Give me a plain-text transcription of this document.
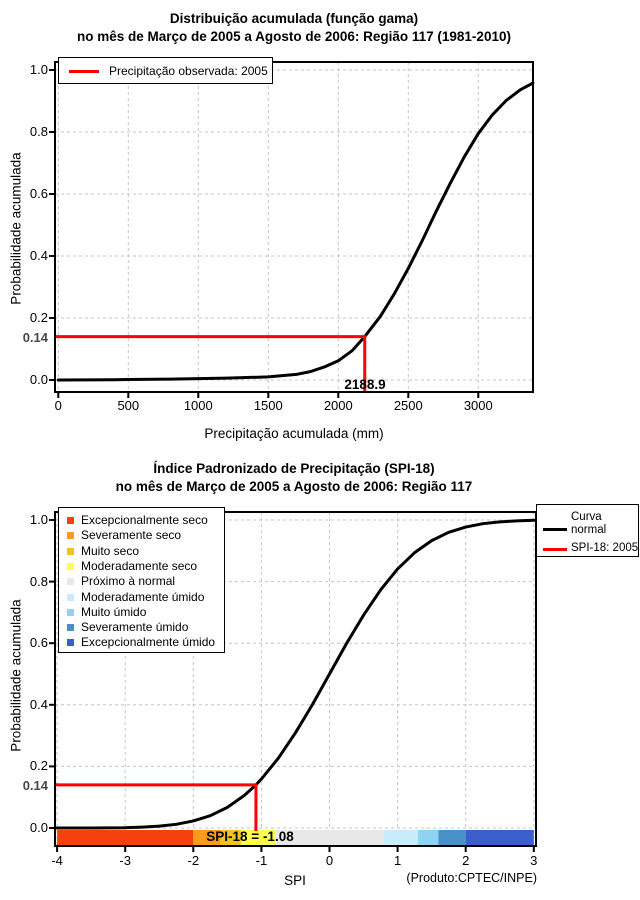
Distribuição acumulada (função gama)
no mês de Março de 2005 a Agosto de 2006: Região 117 (1981-2010)
Probabilidade acumulada
Precipitação acumulada (mm)
0.14
2188.9
Precipitação observada: 2005
Índice Padronizado de Precipitação (SPI-18)
no mês de Março de 2005 a Agosto de 2006: Região 117
Probabilidade acumulada
SPI
0.14
SPI-18 = -1.08
(Produto:CPTEC/INPE)
Excepcionalmente seco
Severamente seco
Muito seco
Moderadamente seco
Próximo à normal
Moderadamente úmido
Muito úmido
Severamente úmido
Excepcionalmente úmido
Curva normal
SPI-18: 2005
0	500	1000	1500	2000	2500	3000
0.0
0.2
0.4
0.6
0.8
1.0
-4	-3	-2	-1	0	1	2	3
0.0
0.2
0.4
0.6
0.8
1.0
